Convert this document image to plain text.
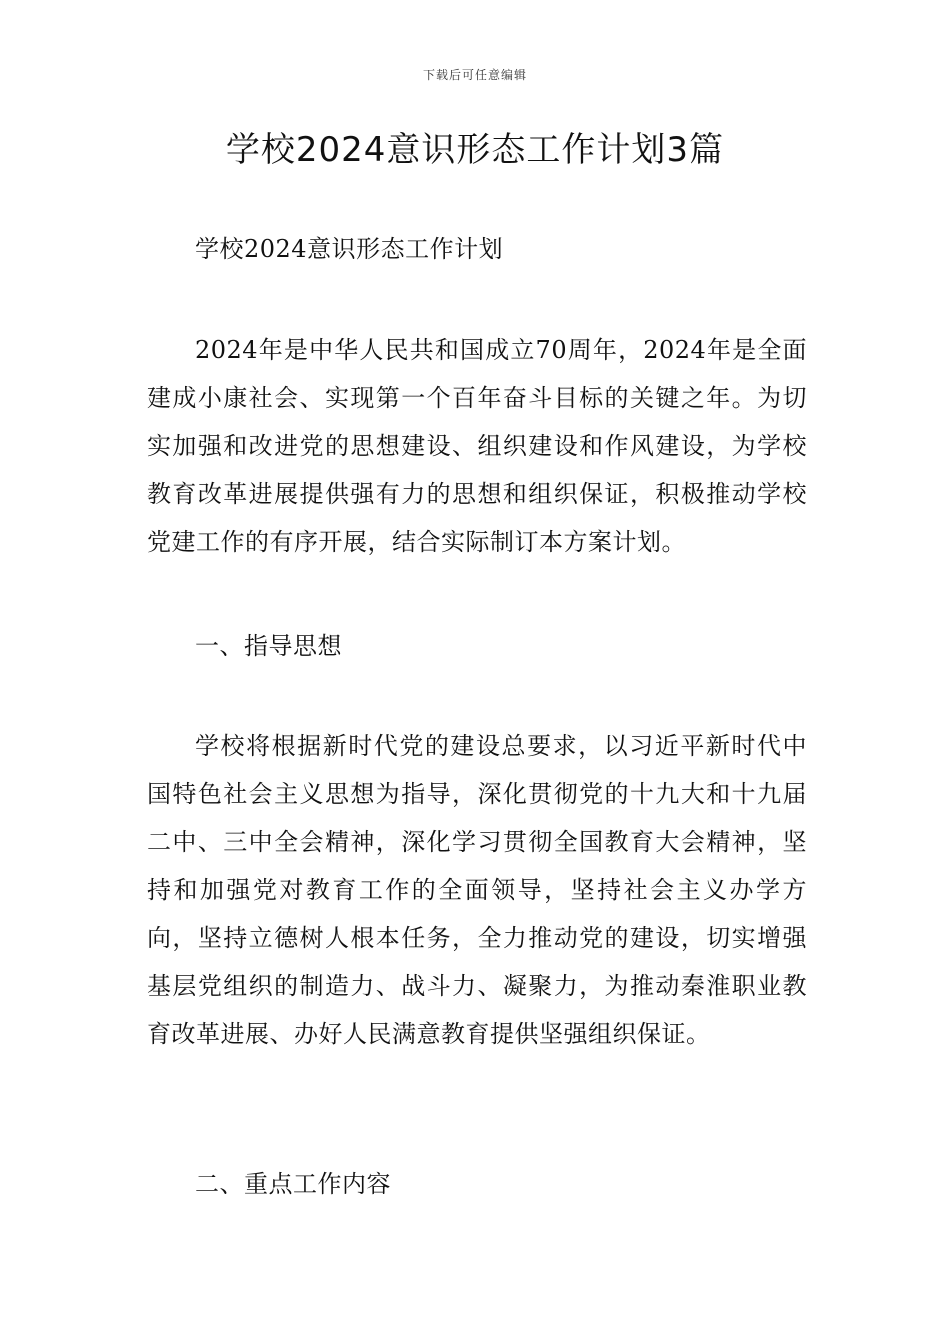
下载后可任意编辑
学校2024意识形态工作计划3篇

学校2024意识形态工作计划

2024年是中华人民共和国成立70周年，2024年是全面建成小康社会、实现第一个百年奋斗目标的关键之年。为切实加强和改进党的思想建设、组织建设和作风建设，为学校教育改革进展提供强有力的思想和组织保证，积极推动学校党建工作的有序开展，结合实际制订本方案计划。

一、指导思想

学校将根据新时代党的建设总要求，以习近平新时代中国特色社会主义思想为指导，深化贯彻党的十九大和十九届二中、三中全会精神，深化学习贯彻全国教育大会精神，坚持和加强党对教育工作的全面领导，坚持社会主义办学方向，坚持立德树人根本任务，全力推动党的建设，切实增强基层党组织的制造力、战斗力、凝聚力，为推动秦淮职业教育改革进展、办好人民满意教育提供坚强组织保证。

二、重点工作内容
